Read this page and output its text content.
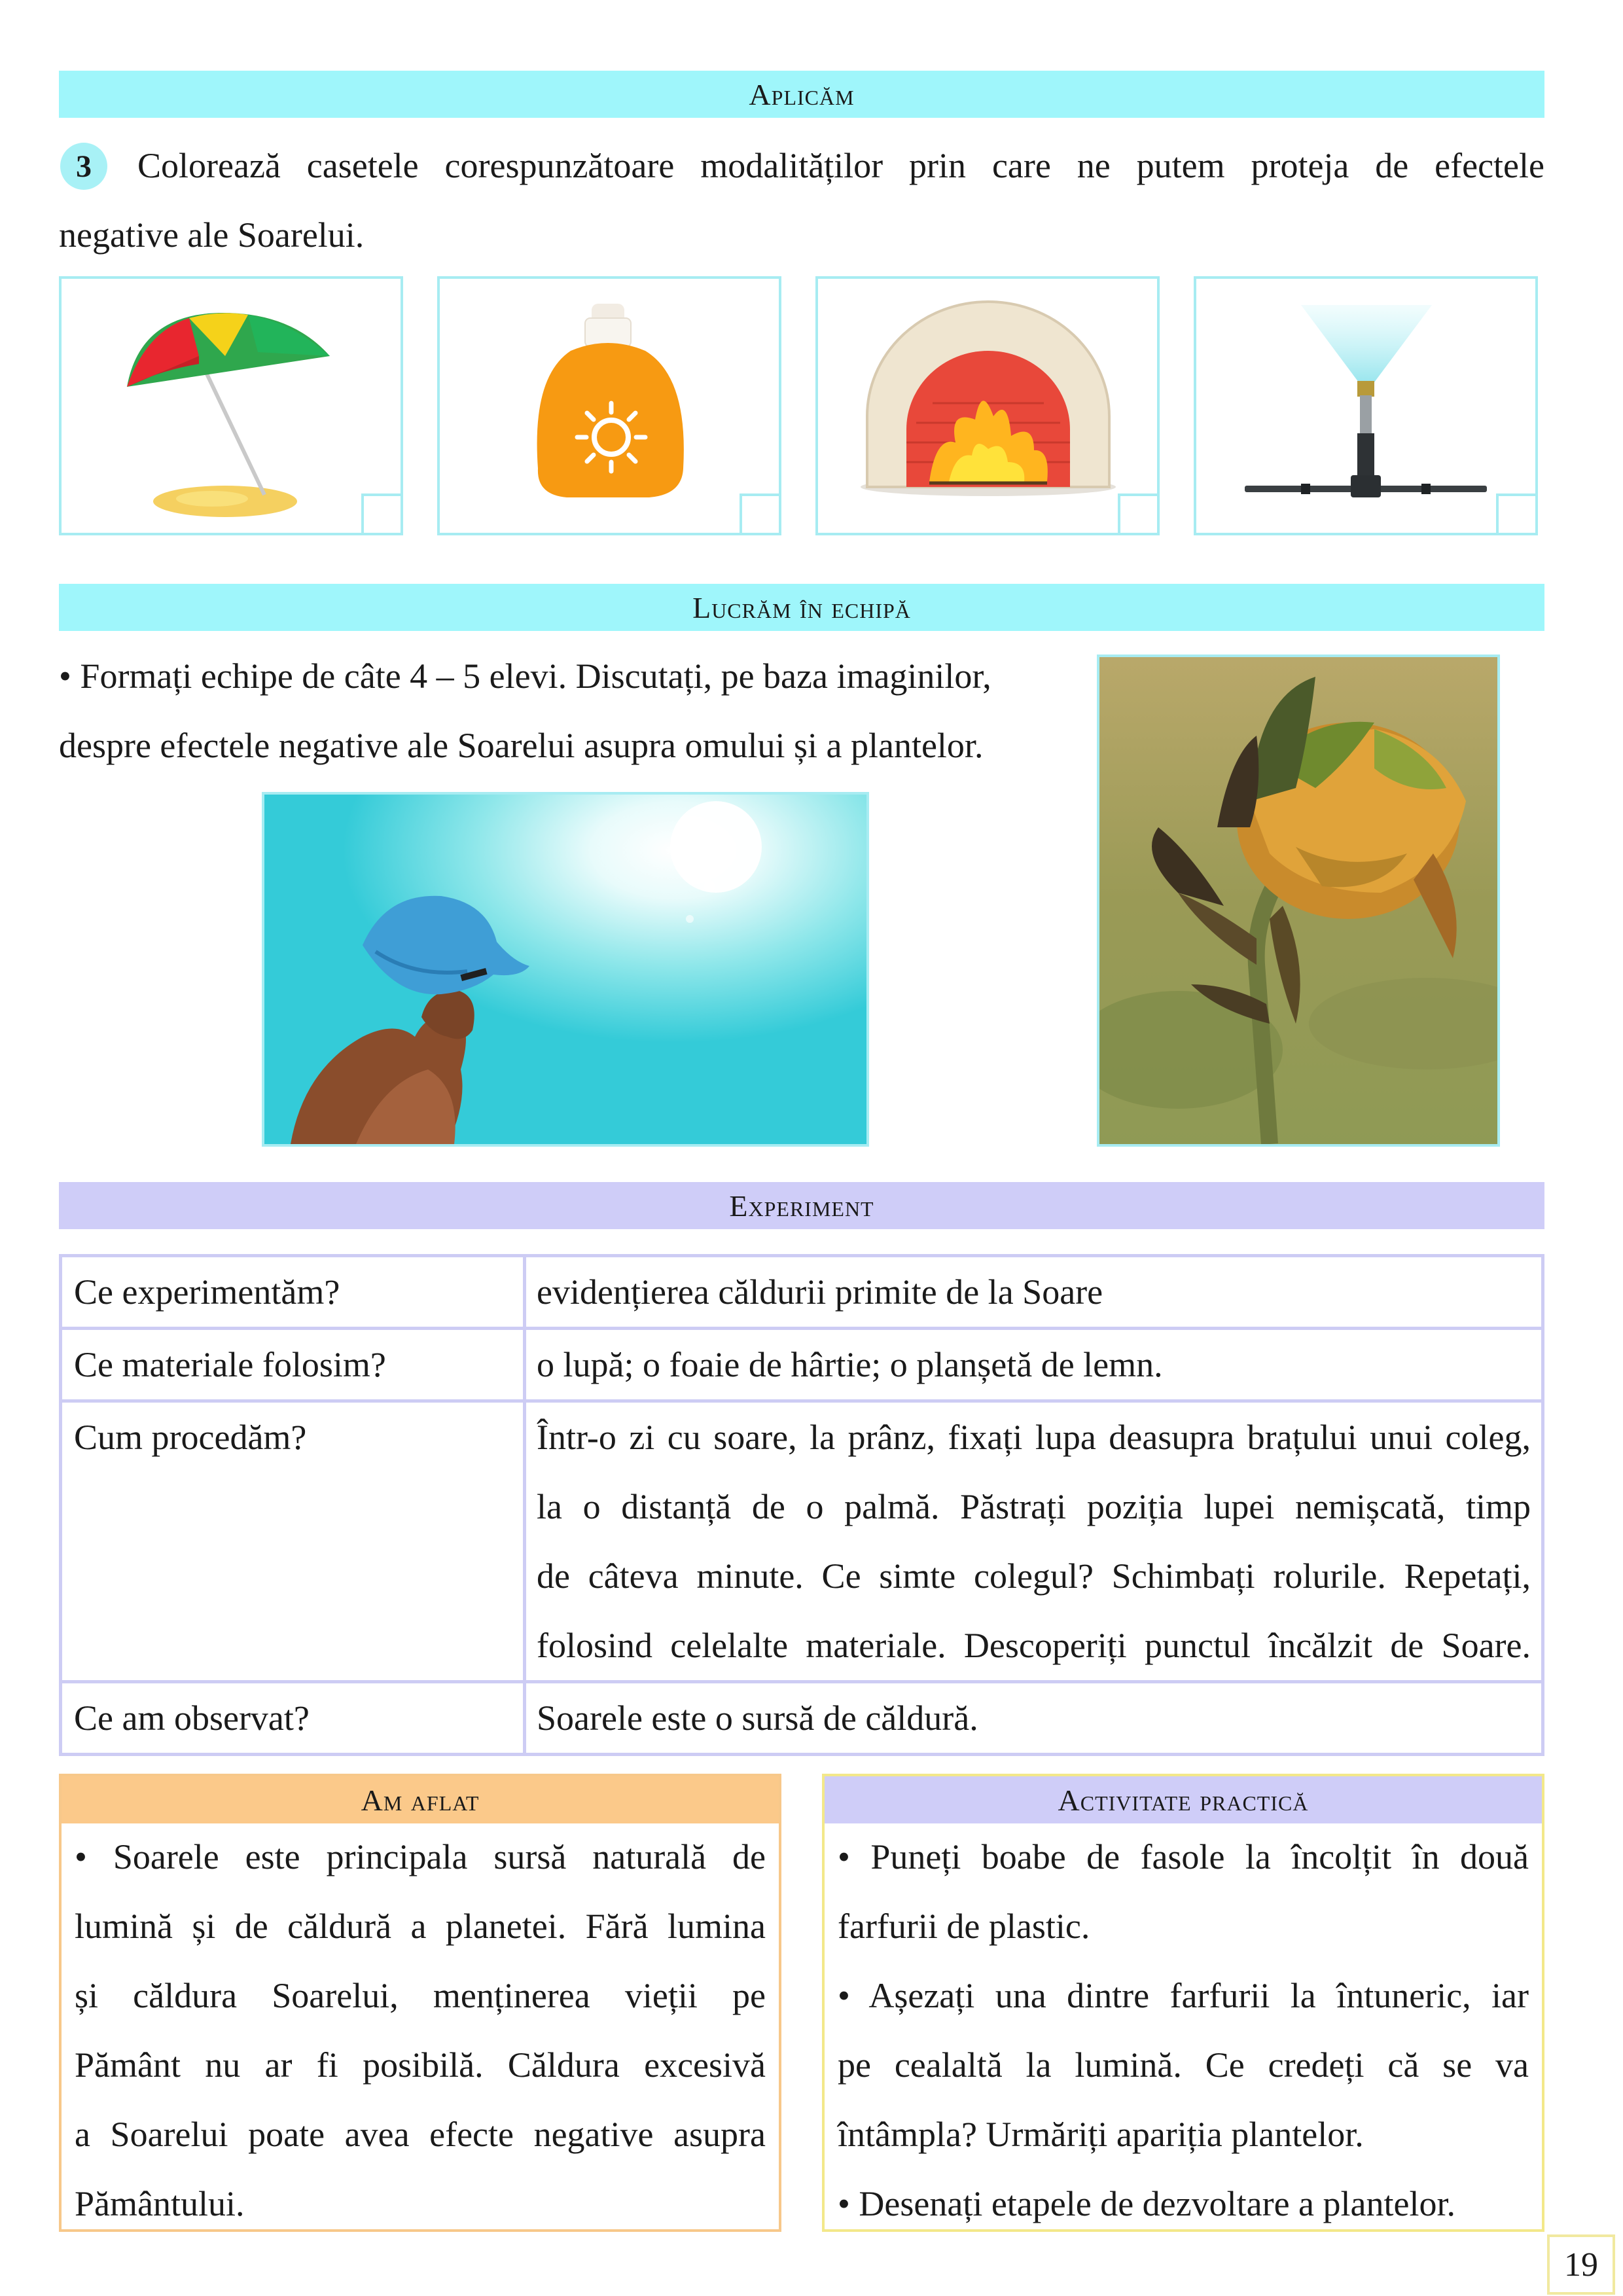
Aplicăm
3	Colorează casetele corespunzătoare modalităților prin care ne putem proteja de efectele
negative ale Soarelui.
Lucrăm în echipă
• Formați echipe de câte 4 – 5 elevi. Discutați, pe baza imaginilor,
despre efectele negative ale Soarelui asupra omului și a plantelor.
Experiment
Ce experimentăm?	evidențierea căldurii primite de la Soare
Ce materiale folosim?	o lupă; o foaie de hârtie; o planșetă de lemn.
Cum procedăm?	Într-o zi cu soare, la prânz, fixați lupa deasupra brațului unui coleg,
la o distanță de o palmă. Păstrați poziția lupei nemișcată, timp
de câteva minute. Ce simte colegul? Schimbați rolurile. Repetați,
folosind celelalte materiale. Descoperiți punctul încălzit de Soare.

Ce am observat?	Soarele este o sursă de căldură.
Am aflat
• Soarele este principala sursă naturală de
lumină și de căldură a planetei. Fără lumina
și căldura Soarelui, menținerea vieții pe
Pământ nu ar fi posibilă. Căldura excesivă
a Soarelui poate avea efecte negative asupra
Pământului.
Activitate practică
• Puneți boabe de fasole la încolțit în două
farfurii de plastic.
• Așezați una dintre farfurii la întuneric, iar
pe cealaltă la lumină. Ce credeți că se va
întâmpla? Urmăriți apariția plantelor.
• Desenați etapele de dezvoltare a plantelor.
19
